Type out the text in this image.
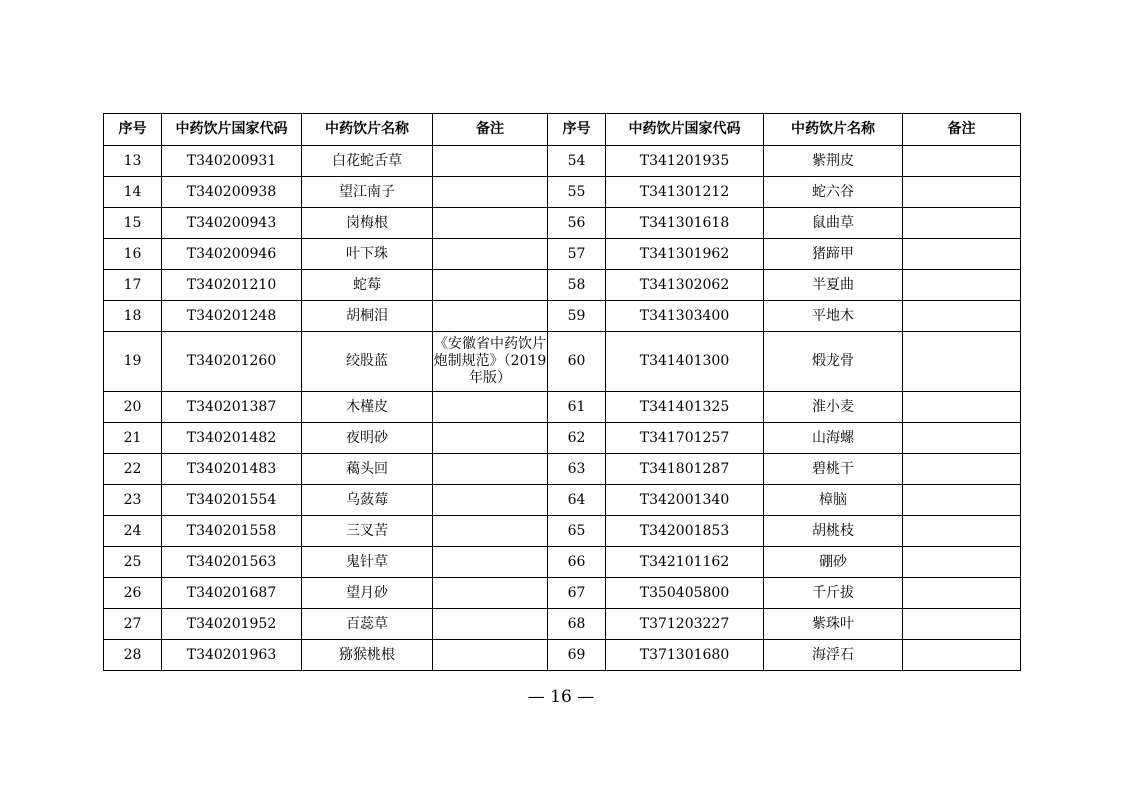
序号	中药饮片国家代码	中药饮片名称	备注	序号	中药饮片国家代码	中药饮片名称	备注
13	T340200931	白花蛇舌草		54	T341201935	紫荆皮	
14	T340200938	望江南子		55	T341301212	蛇六谷	
15	T340200943	岗梅根		56	T341301618	鼠曲草	
16	T340200946	叶下珠		57	T341301962	猪蹄甲	
17	T340201210	蛇莓		58	T341302062	半夏曲	
18	T340201248	胡桐泪		59	T341303400	平地木	
19	T340201260	绞股蓝	《安徽省中药饮片炮制规范》（2019 年版）	60	T341401300	煅龙骨	
20	T340201387	木槿皮		61	T341401325	淮小麦	
21	T340201482	夜明砂		62	T341701257	山海螺	
22	T340201483	藒头回		63	T341801287	碧桃干	
23	T340201554	乌蔹莓		64	T342001340	樟脑	
24	T340201558	三叉苦		65	T342001853	胡桃枝	
25	T340201563	鬼针草		66	T342101162	硼砂	
26	T340201687	望月砂		67	T350405800	千斤拔	
27	T340201952	百蕊草		68	T371203227	紫珠叶	
28	T340201963	猕猴桃根		69	T371301680	海浮石	
— 16 —
